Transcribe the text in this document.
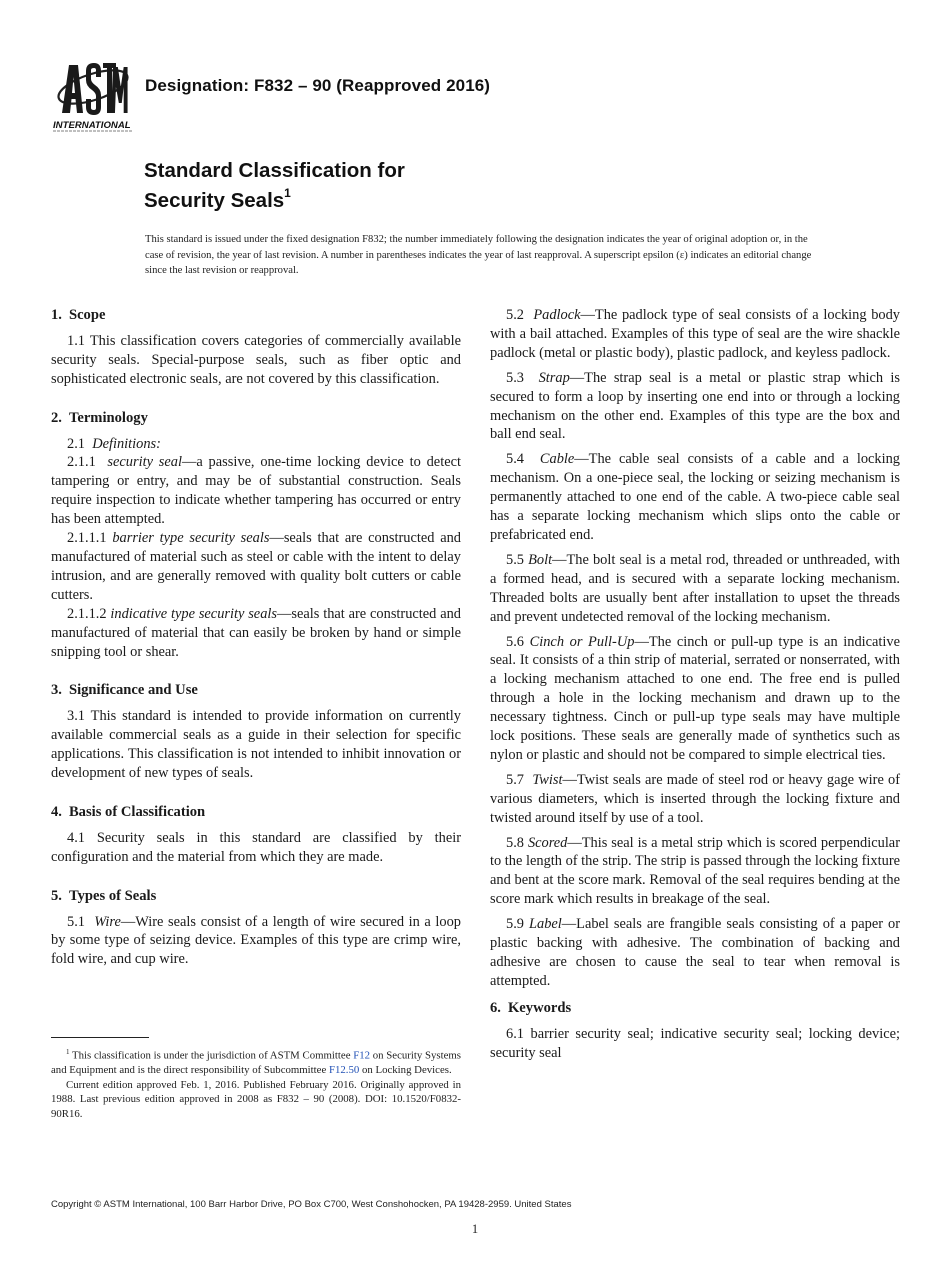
INTERNATIONAL
Designation: F832 – 90 (Reapproved 2016)
Standard Classification for
Security Seals$^1$
This standard is issued under the fixed designation F832; the number immediately following the designation indicates the year of original adoption or, in the case of revision, the year of last revision. A number in parentheses indicates the year of last reapproval. A superscript epsilon (ε) indicates an editorial change since the last revision or reapproval.
1. Scope

1.1 This classification covers categories of commercially available security seals. Special-purpose seals, such as fiber optic and sophisticated electronic seals, are not covered by this classification.

2. Terminology

2.1 Definitions:

2.1.1 security seal—a passive, one-time locking device to detect tampering or entry, and may be of substantial construction. Seals require inspection to indicate whether tampering has occurred or entry has been attempted.

2.1.1.1 barrier type security seals—seals that are constructed and manufactured of material such as steel or cable with the intent to delay intrusion, and are generally removed with quality bolt cutters or cable cutters.

2.1.1.2 indicative type security seals—seals that are constructed and manufactured of material that can easily be broken by hand or simple snipping tool or shear.

3. Significance and Use

3.1 This standard is intended to provide information on currently available commercial seals as a guide in their selection for specific applications. This classification is not intended to inhibit innovation or development of new types of seals.

4. Basis of Classification

4.1 Security seals in this standard are classified by their configuration and the material from which they are made.

5. Types of Seals

5.1 Wire—Wire seals consist of a length of wire secured in a loop by some type of seizing device. Examples of this type are crimp wire, fold wire, and cup wire.

5.2 Padlock—The padlock type of seal consists of a locking body with a bail attached. Examples of this type of seal are the wire shackle padlock (metal or plastic body), plastic padlock, and keyless padlock.

5.3 Strap—The strap seal is a metal or plastic strap which is secured to form a loop by inserting one end into or through a locking mechanism on the other end. Examples of this type are the box and ball end seal.

5.4 Cable—The cable seal consists of a cable and a locking mechanism. On a one-piece seal, the locking or seizing mechanism is permanently attached to one end of the cable. A two-piece cable seal has a separate locking mechanism which slips onto the cable or prefabricated end.

5.5 Bolt—The bolt seal is a metal rod, threaded or unthreaded, with a formed head, and is secured with a separate locking mechanism. Threaded bolts are usually bent after installation to upset the threads and prevent undetected removal of the locking mechanism.

5.6 Cinch or Pull-Up—The cinch or pull-up type is an indicative seal. It consists of a thin strip of material, serrated or nonserrated, with a locking mechanism attached to one end. The free end is pulled through a hole in the locking mechanism and drawn up to the necessary tightness. Cinch or pull-up type seals may have multiple lock positions. These seals are generally made of synthetics such as nylon or plastic and should not be compared to simple electrical ties.

5.7 Twist—Twist seals are made of steel rod or heavy gage wire of various diameters, which is inserted through the locking fixture and twisted around itself by use of a tool.

5.8 Scored—This seal is a metal strip which is scored perpendicular to the length of the strip. The strip is passed through the locking fixture and bent at the score mark. Removal of the seal requires bending at the score mark which results in breakage of the seal.

5.9 Label—Label seals are frangible seals consisting of a paper or plastic backing with adhesive. The combination of backing and adhesive are chosen to cause the seal to tear when removal is attempted.

6. Keywords

6.1 barrier security seal; indicative security seal; locking device; security seal

$^1$ This classification is under the jurisdiction of ASTM Committee F12 on Security Systems and Equipment and is the direct responsibility of Subcommittee F12.50 on Locking Devices.

Current edition approved Feb. 1, 2016. Published February 2016. Originally approved in 1988. Last previous edition approved in 2008 as F832 – 90 (2008). DOI: 10.1520/F0832-90R16.

Copyright © ASTM International, 100 Barr Harbor Drive, PO Box C700, West Conshohocken, PA 19428-2959. United States
1
